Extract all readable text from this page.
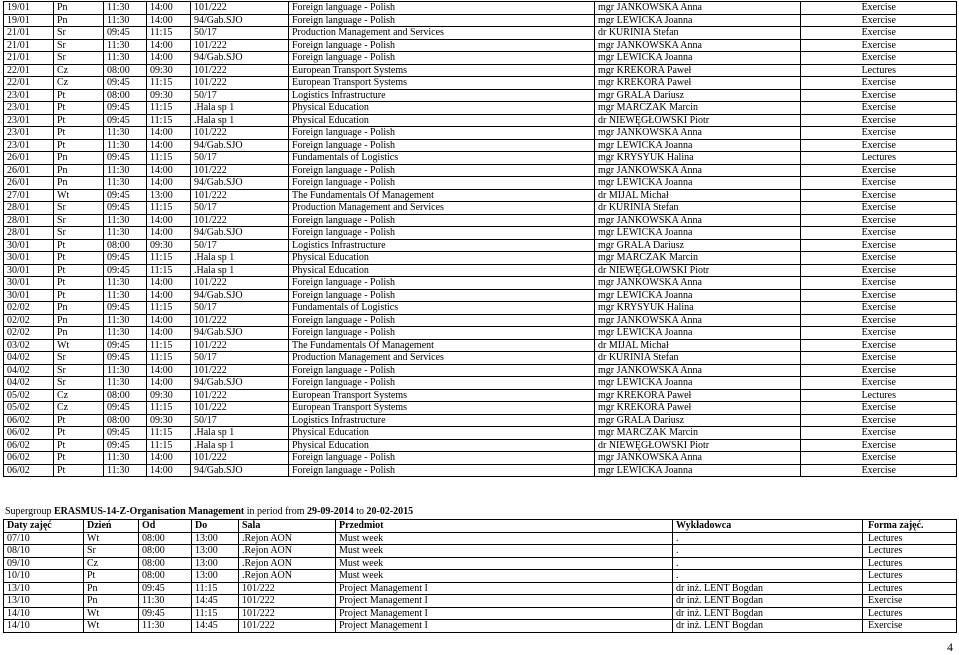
19/01	Pn	11:30	14:00	101/222	Foreign language - Polish	mgr JANKOWSKA Anna	Exercise
19/01	Pn	11:30	14:00	94/Gab.SJO	Foreign language - Polish	mgr LEWICKA Joanna	Exercise
21/01	Śr	09:45	11:15	50/17	Production Management and Services	dr KURINIA Stefan	Exercise
21/01	Śr	11:30	14:00	101/222	Foreign language - Polish	mgr JANKOWSKA Anna	Exercise
21/01	Śr	11:30	14:00	94/Gab.SJO	Foreign language - Polish	mgr LEWICKA Joanna	Exercise
22/01	Cz	08:00	09:30	101/222	European Transport Systems	mgr KREKORA Paweł	Lectures
22/01	Cz	09:45	11:15	101/222	European Transport Systems	mgr KREKORA Paweł	Exercise
23/01	Pt	08:00	09:30	50/17	Logistics Infrastructure	mgr GRALA Dariusz	Exercise
23/01	Pt	09:45	11:15	.Hala sp 1	Physical Education	mgr MARCZAK Marcin	Exercise
23/01	Pt	09:45	11:15	.Hala sp 1	Physical Education	dr NIEWĘGŁOWSKI Piotr	Exercise
23/01	Pt	11:30	14:00	101/222	Foreign language - Polish	mgr JANKOWSKA Anna	Exercise
23/01	Pt	11:30	14:00	94/Gab.SJO	Foreign language - Polish	mgr LEWICKA Joanna	Exercise
26/01	Pn	09:45	11:15	50/17	Fundamentals of Logistics	mgr KRYSYUK Halina	Lectures
26/01	Pn	11:30	14:00	101/222	Foreign language - Polish	mgr JANKOWSKA Anna	Exercise
26/01	Pn	11:30	14:00	94/Gab.SJO	Foreign language - Polish	mgr LEWICKA Joanna	Exercise
27/01	Wt	09:45	13:00	101/222	The Fundamentals Of Management	dr MIJAL Michał	Exercise
28/01	Śr	09:45	11:15	50/17	Production Management and Services	dr KURINIA Stefan	Exercise
28/01	Śr	11:30	14:00	101/222	Foreign language - Polish	mgr JANKOWSKA Anna	Exercise
28/01	Śr	11:30	14:00	94/Gab.SJO	Foreign language - Polish	mgr LEWICKA Joanna	Exercise
30/01	Pt	08:00	09:30	50/17	Logistics Infrastructure	mgr GRALA Dariusz	Exercise
30/01	Pt	09:45	11:15	.Hala sp 1	Physical Education	mgr MARCZAK Marcin	Exercise
30/01	Pt	09:45	11:15	.Hala sp 1	Physical Education	dr NIEWĘGŁOWSKI Piotr	Exercise
30/01	Pt	11:30	14:00	101/222	Foreign language - Polish	mgr JANKOWSKA Anna	Exercise
30/01	Pt	11:30	14:00	94/Gab.SJO	Foreign language - Polish	mgr LEWICKA Joanna	Exercise
02/02	Pn	09:45	11:15	50/17	Fundamentals of Logistics	mgr KRYSYUK Halina	Exercise
02/02	Pn	11:30	14:00	101/222	Foreign language - Polish	mgr JANKOWSKA Anna	Exercise
02/02	Pn	11:30	14:00	94/Gab.SJO	Foreign language - Polish	mgr LEWICKA Joanna	Exercise
03/02	Wt	09:45	11:15	101/222	The Fundamentals Of Management	dr MIJAL Michał	Exercise
04/02	Śr	09:45	11:15	50/17	Production Management and Services	dr KURINIA Stefan	Exercise
04/02	Śr	11:30	14:00	101/222	Foreign language - Polish	mgr JANKOWSKA Anna	Exercise
04/02	Śr	11:30	14:00	94/Gab.SJO	Foreign language - Polish	mgr LEWICKA Joanna	Exercise
05/02	Cz	08:00	09:30	101/222	European Transport Systems	mgr KREKORA Paweł	Lectures
05/02	Cz	09:45	11:15	101/222	European Transport Systems	mgr KREKORA Paweł	Exercise
06/02	Pt	08:00	09:30	50/17	Logistics Infrastructure	mgr GRALA Dariusz	Exercise
06/02	Pt	09:45	11:15	.Hala sp 1	Physical Education	mgr MARCZAK Marcin	Exercise
06/02	Pt	09:45	11:15	.Hala sp 1	Physical Education	dr NIEWĘGŁOWSKI Piotr	Exercise
06/02	Pt	11:30	14:00	101/222	Foreign language - Polish	mgr JANKOWSKA Anna	Exercise
06/02	Pt	11:30	14:00	94/Gab.SJO	Foreign language - Polish	mgr LEWICKA Joanna	Exercise
Supergroup ERASMUS-14-Z-Organisation Management in period from 29-09-2014 to 20-02-2015
Daty zajęć	Dzień	Od	Do	Sala	Przedmiot	Wykładowca	Forma zajęć.
07/10	Wt	08:00	13:00	.Rejon AON	Must week	.	Lectures
08/10	Śr	08:00	13:00	.Rejon AON	Must week	.	Lectures
09/10	Cz	08:00	13:00	.Rejon AON	Must week	.	Lectures
10/10	Pt	08:00	13:00	.Rejon AON	Must week	.	Lectures
13/10	Pn	09:45	11:15	101/222	Project Management I	dr inż. LENT Bogdan	Lectures
13/10	Pn	11:30	14:45	101/222	Project Management I	dr inż. LENT Bogdan	Exercise
14/10	Wt	09:45	11:15	101/222	Project Management I	dr inż. LENT Bogdan	Lectures
14/10	Wt	11:30	14:45	101/222	Project Management I	dr inż. LENT Bogdan	Exercise
4
